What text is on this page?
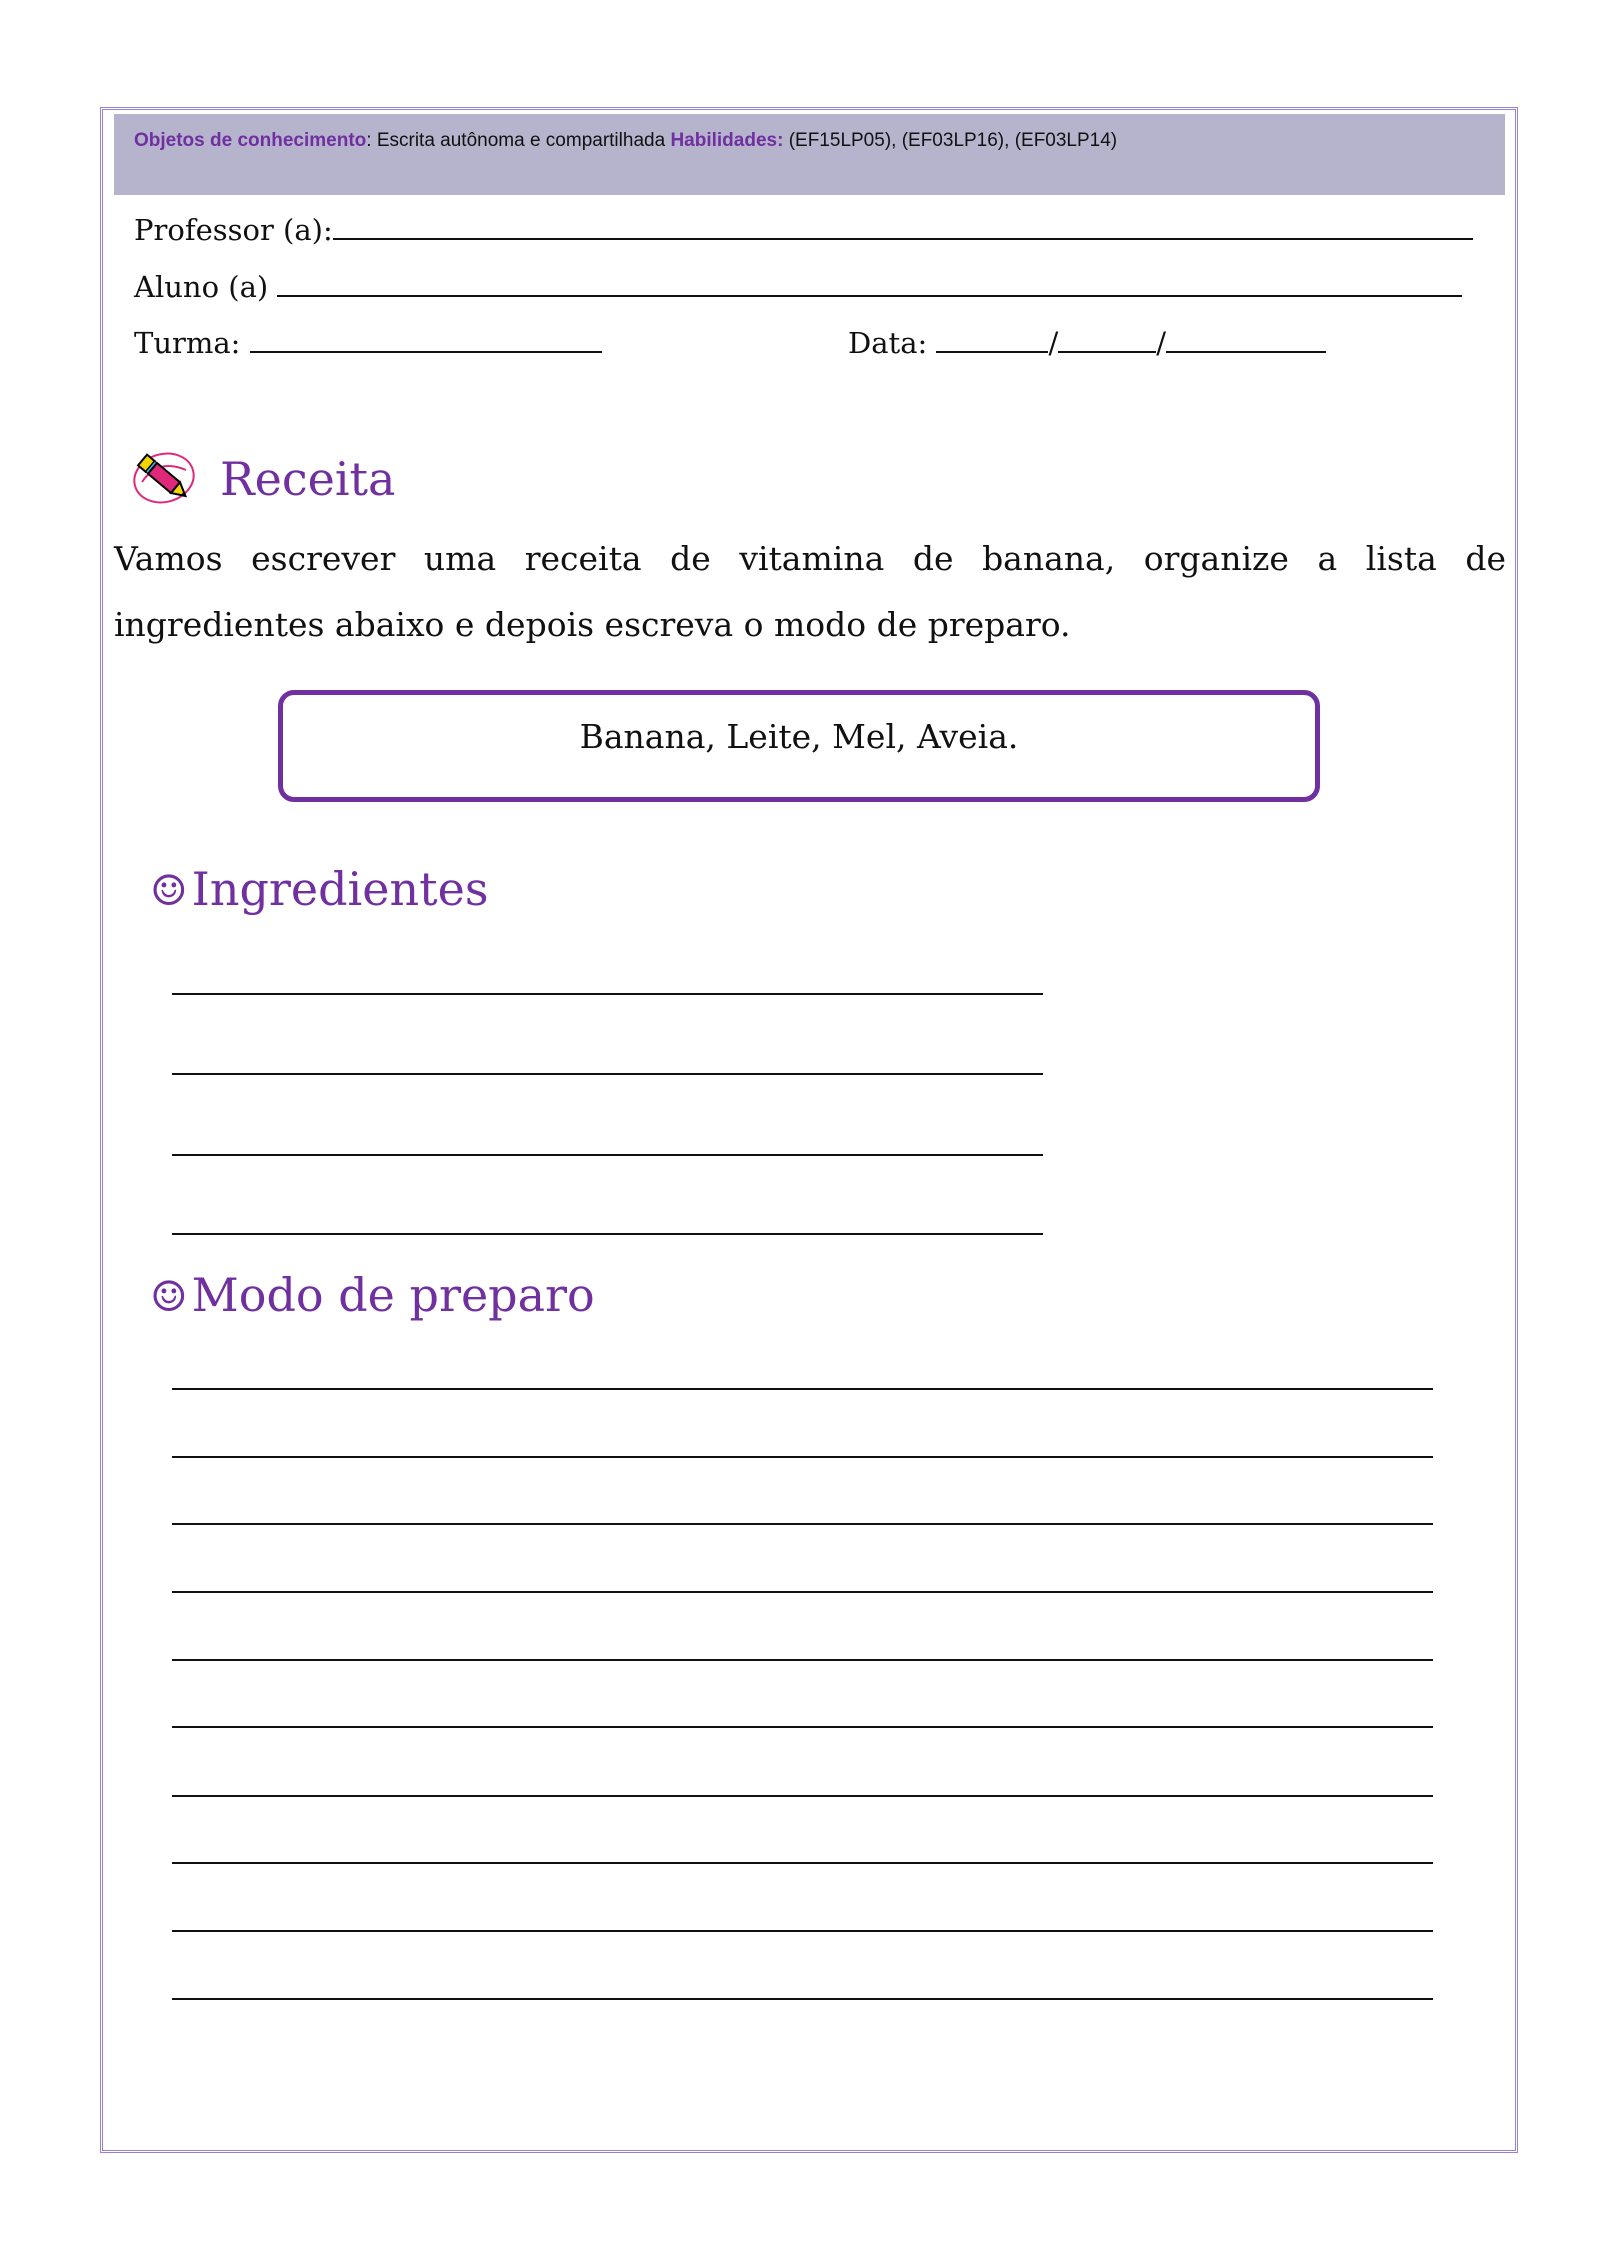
Objetos de conhecimento: Escrita autônoma e compartilhada Habilidades: (EF15LP05), (EF03LP16), (EF03LP14)
Professor (a):
Aluno (a)
Turma:	Data:	/	/
Receita
Vamos escrever uma receita de vitamina de banana, organize a lista de ingredientes abaixo e depois escreva o modo de preparo.
Banana, Leite, Mel, Aveia.
☺Ingredientes
☺Modo de preparo
